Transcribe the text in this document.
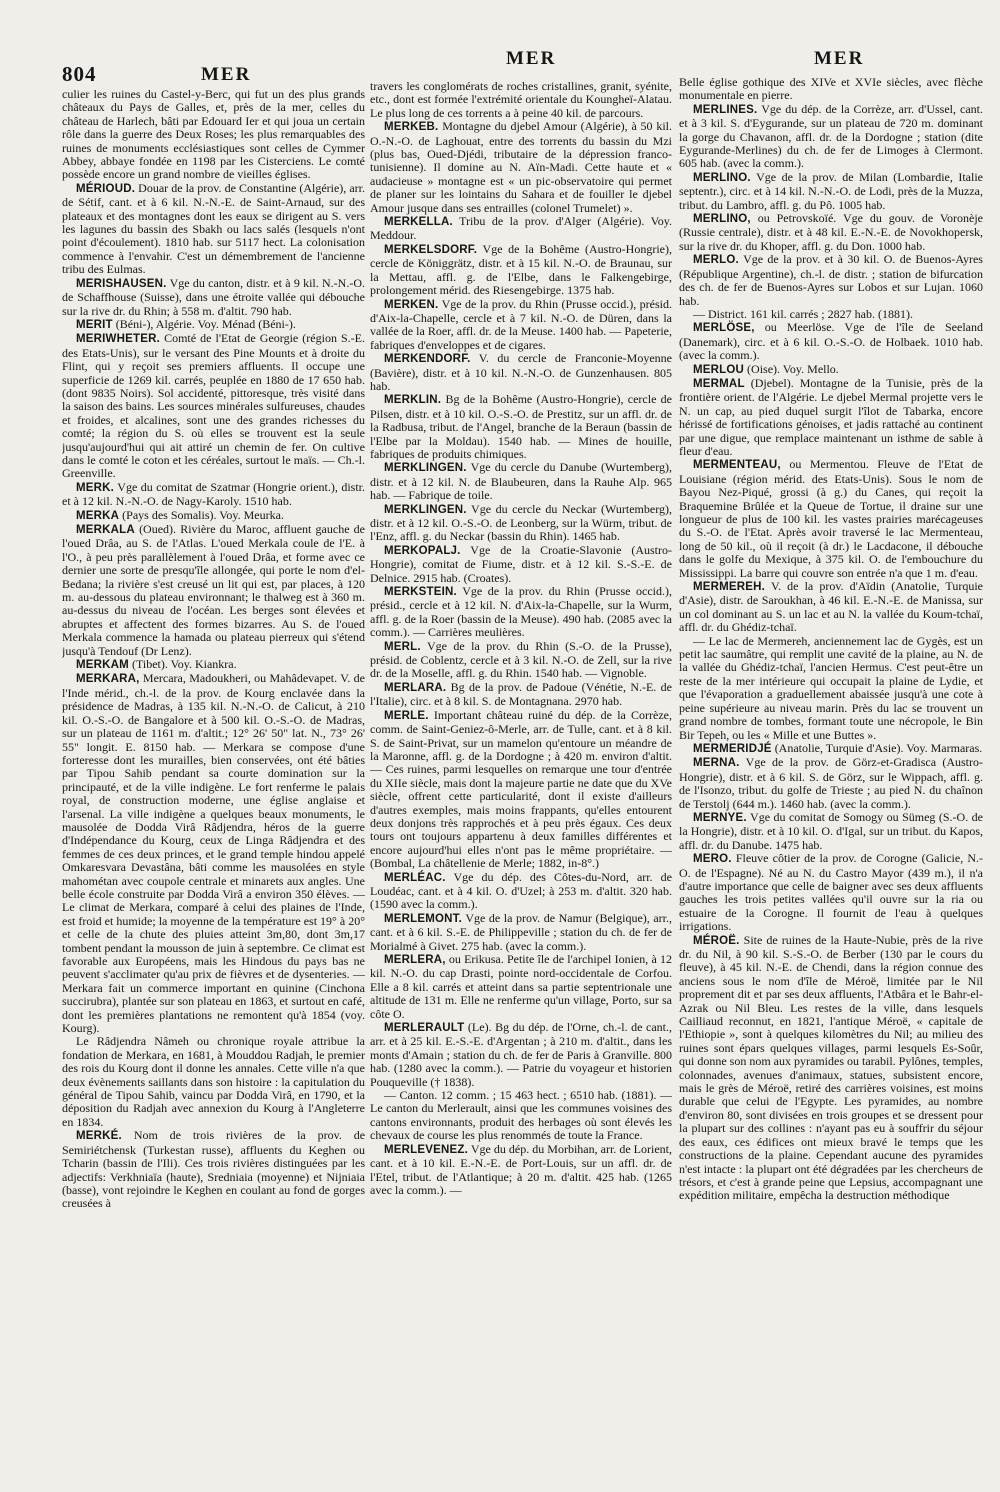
804	MER
MER	MER

culier les ruines du Castel-y-Berc, qui fut un des plus grands châteaux du Pays de Galles, et, près de la mer, celles du château de Harlech, bâti par Edouard Ier et qui joua un certain rôle dans la guerre des Deux Roses; les plus remarquables des ruines de monuments ecclésiastiques sont celles de Cymmer Abbey, abbaye fondée en 1198 par les Cisterciens. Le comté possède encore un grand nombre de vieilles églises.

MÉRIOUD. Douar de la prov. de Constantine (Algérie), arr. de Sétif, cant. et à 6 kil. N.-N.-E. de Saint-Arnaud, sur des plateaux et des montagnes dont les eaux se dirigent au S. vers les lagunes du bassin des Sbakh ou lacs salés (lesquels n'ont point d'écoulement). 1810 hab. sur 5117 hect. La colonisation commence à l'envahir. C'est un démembrement de l'ancienne tribu des Eulmas.

MERISHAUSEN. Vge du canton, distr. et à 9 kil. N.-N.-O. de Schaffhouse (Suisse), dans une étroite vallée qui débouche sur la rive dr. du Rhin; à 558 m. d'altit. 790 hab.

MERIT (Béni-), Algérie. Voy. Ménad (Béni-).

MERIWHETER. Comté de l'Etat de Georgie (région S.-E. des Etats-Unis), sur le versant des Pine Mounts et à droite du Flint, qui y reçoit ses premiers affluents. Il occupe une superficie de 1269 kil. carrés, peuplée en 1880 de 17 650 hab. (dont 9835 Noirs). Sol accidenté, pittoresque, très visité dans la saison des bains. Les sources minérales sulfureuses, chaudes et froides, et alcalines, sont une des grandes richesses du comté; la région du S. où elles se trouvent est la seule jusqu'aujourd'hui qui ait attiré un chemin de fer. On cultive dans le comté le coton et les céréales, surtout le maïs. — Ch.-l. Greenville.

MERK. Vge du comitat de Szatmar (Hongrie orient.), distr. et à 12 kil. N.-N.-O. de Nagy-Karoly. 1510 hab.

MERKA (Pays des Somalis). Voy. Meurka.

MERKALA (Oued). Rivière du Maroc, affluent gauche de l'oued Drâa, au S. de l'Atlas. L'oued Merkala coule de l'E. à l'O., à peu près parallèlement à l'oued Drâa, et forme avec ce dernier une sorte de presqu'île allongée, qui porte le nom d'el-Bedana; la rivière s'est creusé un lit qui est, par places, à 120 m. au-dessous du plateau environnant; le thalweg est à 360 m. au-dessus du niveau de l'océan. Les berges sont élevées et abruptes et affectent des formes bizarres. Au S. de l'oued Merkala commence la hamada ou plateau pierreux qui s'étend jusqu'à Tendouf (Dr Lenz).

MERKAM (Tibet). Voy. Kiankra.

MERKARA, Mercara, Madoukheri, ou Mahâdevapet. V. de l'Inde mérid., ch.-l. de la prov. de Kourg enclavée dans la présidence de Madras, à 135 kil. N.-N.-O. de Calicut, à 210 kil. O.-S.-O. de Bangalore et à 500 kil. O.-S.-O. de Madras, sur un plateau de 1161 m. d'altit.; 12° 26' 50" lat. N., 73° 26' 55" longit. E. 8150 hab. — Merkara se compose d'une forteresse dont les murailles, bien conservées, ont été bâties par Tipou Sahib pendant sa courte domination sur la principauté, et de la ville indigène. Le fort renferme le palais royal, de construction moderne, une église anglaise et l'arsenal. La ville indigène a quelques beaux monuments, le mausolée de Dodda Virâ Râdjendra, héros de la guerre d'Indépendance du Kourg, ceux de Linga Râdjendra et des femmes de ces deux princes, et le grand temple hindou appelé Omkaresvara Devastâna, bâti comme les mausolées en style mahométan avec coupole centrale et minarets aux angles. Une belle école construite par Dodda Virâ a environ 350 élèves. — Le climat de Merkara, comparé à celui des plaines de l'Inde, est froid et humide; la moyenne de la température est 19° à 20° et celle de la chute des pluies atteint 3m,80, dont 3m,17 tombent pendant la mousson de juin à septembre. Ce climat est favorable aux Européens, mais les Hindous du pays bas ne peuvent s'acclimater qu'au prix de fièvres et de dysenteries. — Merkara fait un commerce important en quinine (Cinchona succirubra), plantée sur son plateau en 1863, et surtout en café, dont les premières plantations ne remontent qu'à 1854 (voy. Kourg).

Le Râdjendra Nâmeh ou chronique royale attribue la fondation de Merkara, en 1681, à Mouddou Radjah, le premier des rois du Kourg dont il donne les annales. Cette ville n'a que deux évènements saillants dans son histoire : la capitulation du général de Tipou Sahib, vaincu par Dodda Virâ, en 1790, et la déposition du Radjah avec annexion du Kourg à l'Angleterre en 1834.

MERKÉ. Nom de trois rivières de la prov. de Semiriétchensk (Turkestan russe), affluents du Keghen ou Tcharin (bassin de l'Ili). Ces trois rivières distinguées par les adjectifs: Verkhniaïa (haute), Sredniaia (moyenne) et Nijniaia (basse), vont rejoindre le Keghen en coulant au fond de gorges creusées à

travers les conglomérats de roches cristallines, granit, syénite, etc., dont est formée l'extrémité orientale du Koungheï-Alatau. Le plus long de ces torrents a à peine 40 kil. de parcours.

MERKEB. Montagne du djebel Amour (Algérie), à 50 kil. O.-N.-O. de Laghouat, entre des torrents du bassin du Mzi (plus bas, Oued-Djédi, tributaire de la dépression franco-tunisienne). Il domine au N. Aïn-Madi. Cette haute et « audacieuse » montagne est « un pic-observatoire qui permet de planer sur les lointains du Sahara et de fouiller le djebel Amour jusque dans ses entrailles (colonel Trumelet) ».

MERKELLA. Tribu de la prov. d'Alger (Algérie). Voy. Meddour.

MERKELSDORF. Vge de la Bohême (Austro-Hongrie), cercle de Königgrätz, distr. et à 15 kil. N.-O. de Braunau, sur la Mettau, affl. g. de l'Elbe, dans le Falkengebirge, prolongement mérid. des Riesengebirge. 1375 hab.

MERKEN. Vge de la prov. du Rhin (Prusse occid.), présid. d'Aix-la-Chapelle, cercle et à 7 kil. N.-O. de Düren, dans la vallée de la Roer, affl. dr. de la Meuse. 1400 hab. — Papeterie, fabriques d'enveloppes et de cigares.

MERKENDORF. V. du cercle de Franconie-Moyenne (Bavière), distr. et à 10 kil. N.-N.-O. de Gunzenhausen. 805 hab.

MERKLIN. Bg de la Bohême (Austro-Hongrie), cercle de Pilsen, distr. et à 10 kil. O.-S.-O. de Prestitz, sur un affl. dr. de la Radbusa, tribut. de l'Angel, branche de la Beraun (bassin de l'Elbe par la Moldau). 1540 hab. — Mines de houille, fabriques de produits chimiques.

MERKLINGEN. Vge du cercle du Danube (Wurtemberg), distr. et à 12 kil. N. de Blaubeuren, dans la Rauhe Alp. 965 hab. — Fabrique de toile.

MERKLINGEN. Vge du cercle du Neckar (Wurtemberg), distr. et à 12 kil. O.-S.-O. de Leonberg, sur la Würm, tribut. de l'Enz, affl. g. du Neckar (bassin du Rhin). 1465 hab.

MERKOPALJ. Vge de la Croatie-Slavonie (Austro-Hongrie), comitat de Fiume, distr. et à 12 kil. S.-S.-E. de Delnice. 2915 hab. (Croates).

MERKSTEIN. Vge de la prov. du Rhin (Prusse occid.), présid., cercle et à 12 kil. N. d'Aix-la-Chapelle, sur la Wurm, affl. g. de la Roer (bassin de la Meuse). 490 hab. (2085 avec la comm.). — Carrières meulières.

MERL. Vge de la prov. du Rhin (S.-O. de la Prusse), présid. de Coblentz, cercle et à 3 kil. N.-O. de Zell, sur la rive dr. de la Moselle, affl. g. du Rhin. 1540 hab. — Vignoble.

MERLARA. Bg de la prov. de Padoue (Vénétie, N.-E. de l'Italie), circ. et à 8 kil. S. de Montagnana. 2970 hab.

MERLE. Important château ruiné du dép. de la Corrèze, comm. de Saint-Geniez-ô-Merle, arr. de Tulle, cant. et à 8 kil. S. de Saint-Privat, sur un mamelon qu'entoure un méandre de la Maronne, affl. g. de la Dordogne ; à 420 m. environ d'altit. — Ces ruines, parmi lesquelles on remarque une tour d'entrée du XIIe siècle, mais dont la majeure partie ne date que du XVe siècle, offrent cette particularité, dont il existe d'ailleurs d'autres exemples, mais moins frappants, qu'elles entourent deux donjons très rapprochés et à peu près égaux. Ces deux tours ont toujours appartenu à deux familles différentes et encore aujourd'hui elles n'ont pas le même propriétaire. — (Bombal, La châtellenie de Merle; 1882, in-8°.)

MERLÉAC. Vge du dép. des Côtes-du-Nord, arr. de Loudéac, cant. et à 4 kil. O. d'Uzel; à 253 m. d'altit. 320 hab. (1590 avec la comm.).

MERLEMONT. Vge de la prov. de Namur (Belgique), arr., cant. et à 6 kil. S.-E. de Philippeville ; station du ch. de fer de Morialmé à Givet. 275 hab. (avec la comm.).

MERLERA, ou Erikusa. Petite île de l'archipel Ionien, à 12 kil. N.-O. du cap Drasti, pointe nord-occidentale de Corfou. Elle a 8 kil. carrés et atteint dans sa partie septentrionale une altitude de 131 m. Elle ne renferme qu'un village, Porto, sur sa côte O.

MERLERAULT (Le). Bg du dép. de l'Orne, ch.-l. de cant., arr. et à 25 kil. E.-S.-E. d'Argentan ; à 210 m. d'altit., dans les monts d'Amain ; station du ch. de fer de Paris à Granville. 800 hab. (1280 avec la comm.). — Patrie du voyageur et historien Pouqueville († 1838).

— Canton. 12 comm. ; 15 463 hect. ; 6510 hab. (1881). — Le canton du Merlerault, ainsi que les communes voisines des cantons environnants, produit des herbages où sont élevés les chevaux de course les plus renommés de toute la France.

MERLEVENEZ. Vge du dép. du Morbihan, arr. de Lorient, cant. et à 10 kil. E.-N.-E. de Port-Louis, sur un affl. dr. de l'Etel, tribut. de l'Atlantique; à 20 m. d'altit. 425 hab. (1265 avec la comm.). —

Belle église gothique des XIVe et XVIe siècles, avec flèche monumentale en pierre.

MERLINES. Vge du dép. de la Corrèze, arr. d'Ussel, cant. et à 3 kil. S. d'Eygurande, sur un plateau de 720 m. dominant la gorge du Chavanon, affl. dr. de la Dordogne ; station (dite Eygurande-Merlines) du ch. de fer de Limoges à Clermont. 605 hab. (avec la comm.).

MERLINO. Vge de la prov. de Milan (Lombardie, Italie septentr.), circ. et à 14 kil. N.-N.-O. de Lodi, près de la Muzza, tribut. du Lambro, affl. g. du Pô. 1005 hab.

MERLINO, ou Petrovskoïé. Vge du gouv. de Voronèje (Russie centrale), distr. et à 48 kil. E.-N.-E. de Novokhopersk, sur la rive dr. du Khoper, affl. g. du Don. 1000 hab.

MERLO. Vge de la prov. et à 30 kil. O. de Buenos-Ayres (République Argentine), ch.-l. de distr. ; station de bifurcation des ch. de fer de Buenos-Ayres sur Lobos et sur Lujan. 1060 hab.

— District. 161 kil. carrés ; 2827 hab. (1881).

MERLÖSE, ou Meerlöse. Vge de l'île de Seeland (Danemark), circ. et à 6 kil. O.-S.-O. de Holbaek. 1010 hab. (avec la comm.).

MERLOU (Oise). Voy. Mello.

MERMAL (Djebel). Montagne de la Tunisie, près de la frontière orient. de l'Algérie. Le djebel Mermal projette vers le N. un cap, au pied duquel surgit l'îlot de Tabarka, encore hérissé de fortifications génoises, et jadis rattaché au continent par une digue, que remplace maintenant un isthme de sable à fleur d'eau.

MERMENTEAU, ou Mermentou. Fleuve de l'Etat de Louisiane (région mérid. des Etats-Unis). Sous le nom de Bayou Nez-Piqué, grossi (à g.) du Canes, qui reçoit la Braquemine Brûlée et la Queue de Tortue, il draine sur une longueur de plus de 100 kil. les vastes prairies marécageuses du S.-O. de l'Etat. Après avoir traversé le lac Mermenteau, long de 50 kil., où il reçoit (à dr.) le Lacdacone, il débouche dans le golfe du Mexique, à 375 kil. O. de l'embouchure du Mississippi. La barre qui couvre son entrée n'a que 1 m. d'eau.

MERMEREH. V. de la prov. d'Aïdin (Anatolie, Turquie d'Asie), distr. de Saroukhan, à 46 kil. E.-N.-E. de Manissa, sur un col dominant au S. un lac et au N. la vallée du Koum-tchaï, affl. dr. du Ghédiz-tchaï.

— Le lac de Mermereh, anciennement lac de Gygès, est un petit lac saumâtre, qui remplit une cavité de la plaine, au N. de la vallée du Ghédiz-tchaï, l'ancien Hermus. C'est peut-être un reste de la mer intérieure qui occupait la plaine de Lydie, et que l'évaporation a graduellement abaissée jusqu'à une cote à peine supérieure au niveau marin. Près du lac se trouvent un grand nombre de tombes, formant toute une nécropole, le Bin Bir Tepeh, ou les « Mille et une Buttes ».

MERMERIDJÉ (Anatolie, Turquie d'Asie). Voy. Marmaras.

MERNA. Vge de la prov. de Görz-et-Gradisca (Austro-Hongrie), distr. et à 6 kil. S. de Görz, sur le Wippach, affl. g. de l'Isonzo, tribut. du golfe de Trieste ; au pied N. du chaînon de Terstolj (644 m.). 1460 hab. (avec la comm.).

MERNYE. Vge du comitat de Somogy ou Sümeg (S.-O. de la Hongrie), distr. et à 10 kil. O. d'Igal, sur un tribut. du Kapos, affl. dr. du Danube. 1475 hab.

MERO. Fleuve côtier de la prov. de Corogne (Galicie, N.-O. de l'Espagne). Né au N. du Castro Mayor (439 m.), il n'a d'autre importance que celle de baigner avec ses deux affluents gauches les trois petites vallées qu'il ouvre sur la ria ou estuaire de la Corogne. Il fournit de l'eau à quelques irrigations.

MÉROË. Site de ruines de la Haute-Nubie, près de la rive dr. du Nil, à 90 kil. S.-S.-O. de Berber (130 par le cours du fleuve), à 45 kil. N.-E. de Chendi, dans la région connue des anciens sous le nom d'île de Méroë, limitée par le Nil proprement dit et par ses deux affluents, l'Atbâra et le Bahr-el-Azrak ou Nil Bleu. Les restes de la ville, dans lesquels Cailliaud reconnut, en 1821, l'antique Méroë, « capitale de l'Ethiopie », sont à quelques kilomètres du Nil; au milieu des ruines sont épars quelques villages, parmi lesquels Es-Soûr, qui donne son nom aux pyramides ou tarabil. Pylônes, temples, colonnades, avenues d'animaux, statues, subsistent encore, mais le grès de Méroë, retiré des carrières voisines, est moins durable que celui de l'Egypte. Les pyramides, au nombre d'environ 80, sont divisées en trois groupes et se dressent pour la plupart sur des collines : n'ayant pas eu à souffrir du séjour des eaux, ces édifices ont mieux bravé le temps que les constructions de la plaine. Cependant aucune des pyramides n'est intacte : la plupart ont été dégradées par les chercheurs de trésors, et c'est à grande peine que Lepsius, accompagnant une expédition militaire, empêcha la destruction méthodique
